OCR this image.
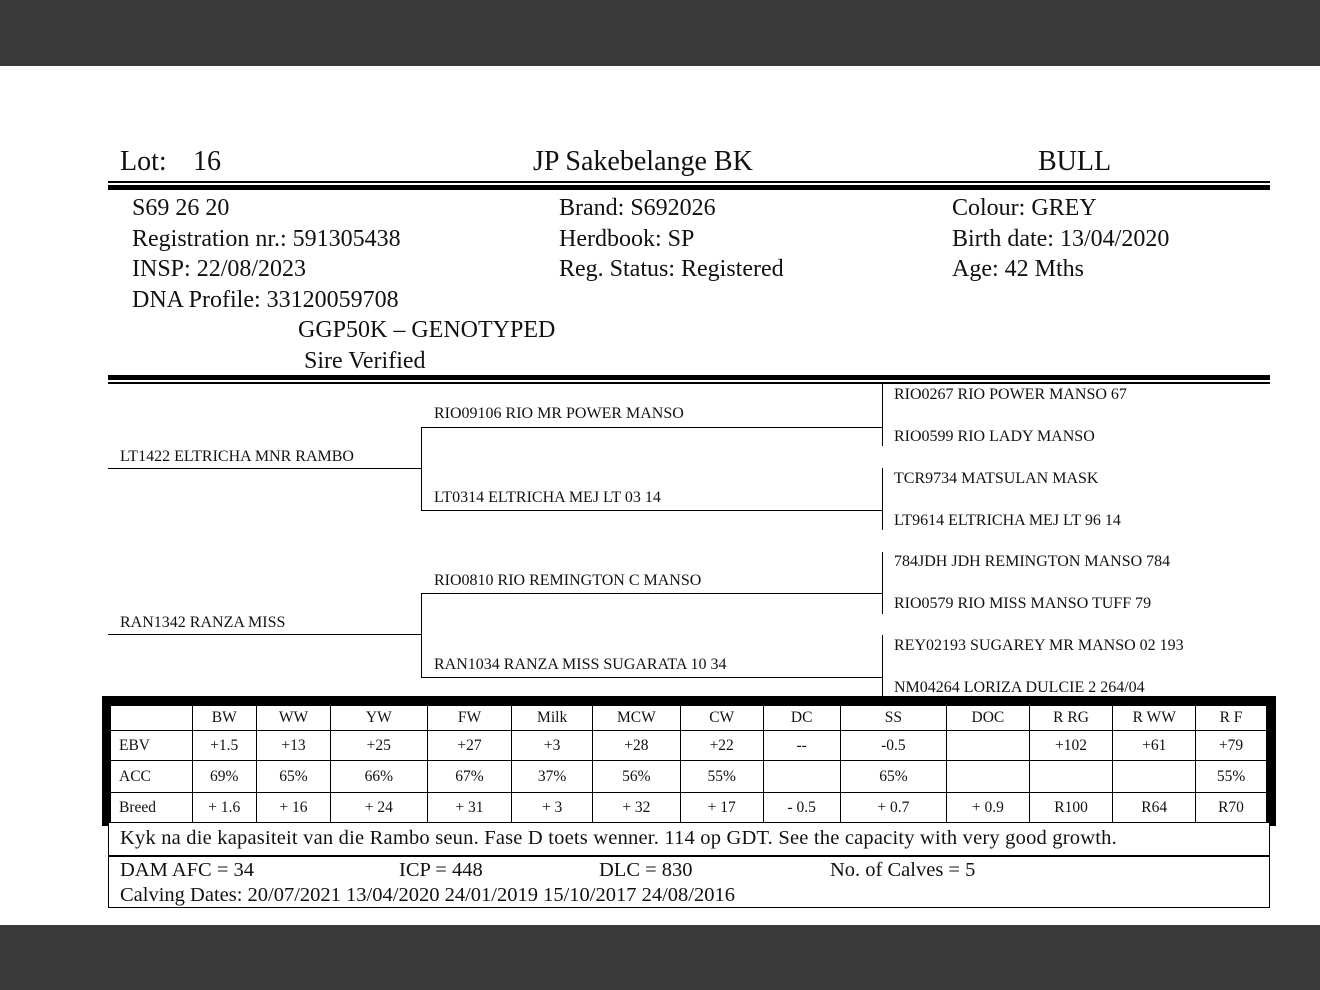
Lot: 16	JP Sakebelange BK	BULL
S69 26 20
Registration nr.: 591305438
INSP: 22/08/2023
DNA Profile: 33120059708
GGP50K – GENOTYPED
Sire Verified
Brand: S692026
Herdbook: SP
Reg. Status: Registered
Colour: GREY
Birth date: 13/04/2020
Age: 42 Mths
LT1422 ELTRICHA MNR RAMBO
RAN1342 RANZA MISS
RIO09106 RIO MR POWER MANSO
LT0314 ELTRICHA MEJ LT 03 14
RIO0810 RIO REMINGTON C MANSO
RAN1034 RANZA MISS SUGARATA 10 34
RIO0267 RIO POWER MANSO 67
RIO0599 RIO LADY MANSO
TCR9734 MATSULAN MASK
LT9614 ELTRICHA MEJ LT 96 14
784JDH JDH REMINGTON MANSO 784
RIO0579 RIO MISS MANSO TUFF 79
REY02193 SUGAREY MR MANSO 02 193
NM04264 LORIZA DULCIE 2 264/04
	BW	WW	YW	FW	Milk	MCW	CW	DC	SS	DOC	R RG	R WW	R F
EBV	+1.5	+13	+25	+27	+3	+28	+22	--	-0.5		+102	+61	+79
ACC	69%	65%	66%	67%	37%	56%	55%		65%				55%
Breed	+ 1.6	+ 16	+ 24	+ 31	+ 3	+ 32	+ 17	- 0.5	+ 0.7	+ 0.9	R100	R64	R70
Kyk na die kapasiteit van die Rambo seun. Fase D toets wenner. 114 op GDT. See the capacity with very good growth.
DAM AFC = 34	ICP = 448	DLC = 830	No. of Calves = 5
Calving Dates: 20/07/2021 13/04/2020 24/01/2019 15/10/2017 24/08/2016
